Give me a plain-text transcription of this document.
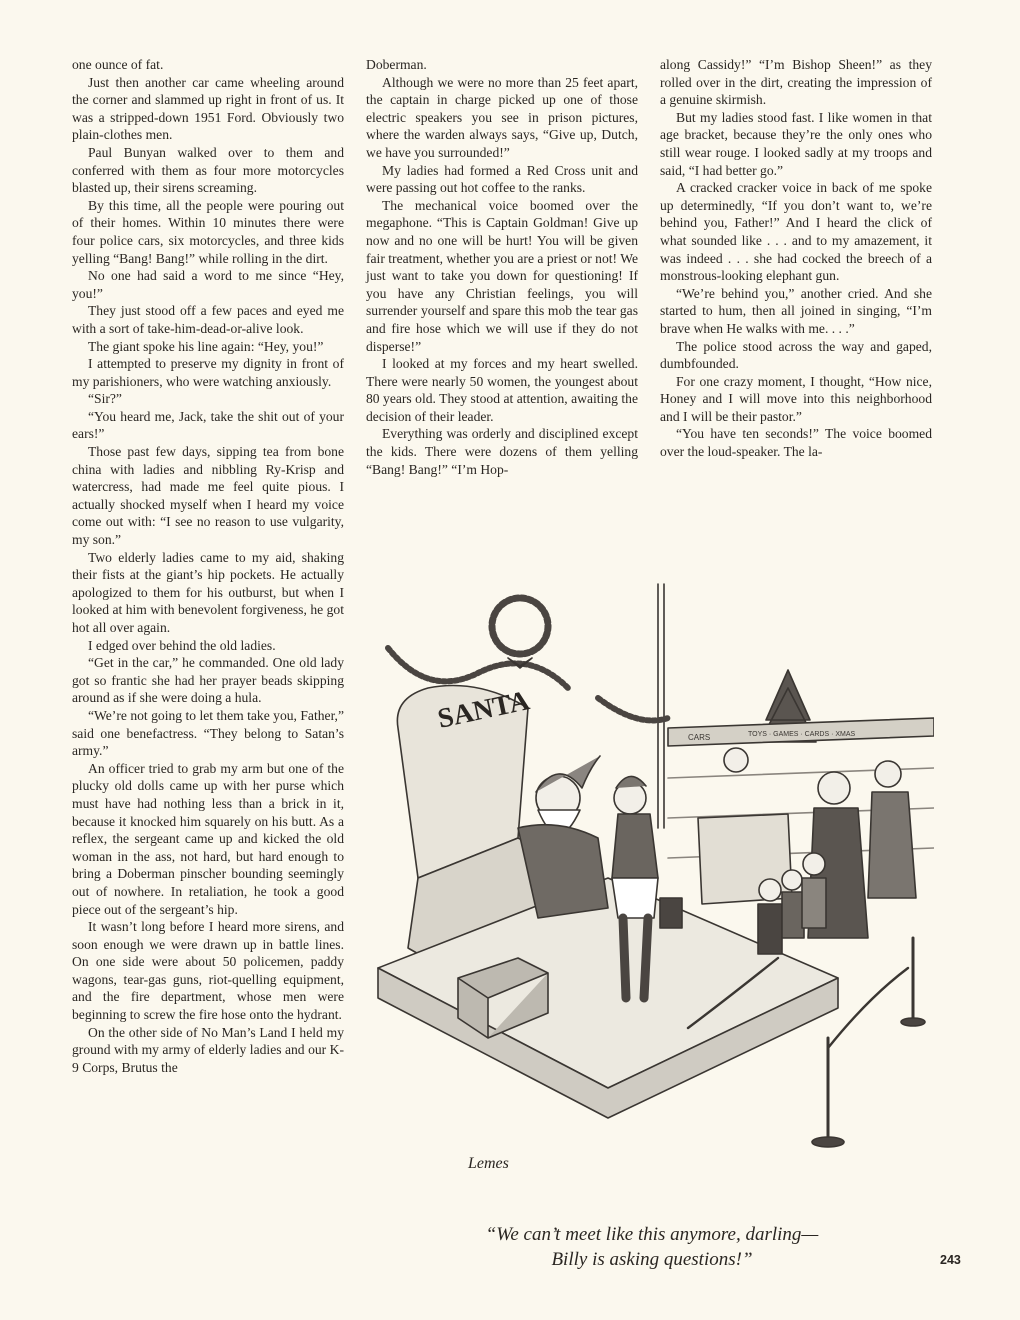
one ounce of fat.

Just then another car came wheeling around the corner and slammed up right in front of us. It was a stripped-down 1951 Ford. Obviously two plain-clothes men.

Paul Bunyan walked over to them and conferred with them as four more motorcycles blasted up, their sirens screaming.

By this time, all the people were pouring out of their homes. Within 10 minutes there were four police cars, six motorcycles, and three kids yelling “Bang! Bang!” while rolling in the dirt.

No one had said a word to me since “Hey, you!”

They just stood off a few paces and eyed me with a sort of take-him-dead-or-alive look.

The giant spoke his line again: “Hey, you!”

I attempted to preserve my dignity in front of my parishioners, who were watching anxiously.

“Sir?”

“You heard me, Jack, take the shit out of your ears!”

Those past few days, sipping tea from bone china with ladies and nibbling Ry-Krisp and watercress, had made me feel quite pious. I actually shocked myself when I heard my voice come out with: “I see no reason to use vulgarity, my son.”

Two elderly ladies came to my aid, shaking their fists at the giant’s hip pockets. He actually apologized to them for his outburst, but when I looked at him with benevolent forgiveness, he got hot all over again.

I edged over behind the old ladies.

“Get in the car,” he commanded. One old lady got so frantic she had her prayer beads skipping around as if she were doing a hula.

“We’re not going to let them take you, Father,” said one benefactress. “They belong to Satan’s army.”

An officer tried to grab my arm but one of the plucky old dolls came up with her purse which must have had nothing less than a brick in it, because it knocked him squarely on his butt. As a reflex, the sergeant came up and kicked the old woman in the ass, not hard, but hard enough to bring a Doberman pinscher bounding seemingly out of nowhere. In retaliation, he took a good piece out of the sergeant’s hip.

It wasn’t long before I heard more sirens, and soon enough we were drawn up in battle lines. On one side were about 50 policemen, paddy wagons, tear-gas guns, riot-quelling equipment, and the fire department, whose men were beginning to screw the fire hose onto the hydrant.

On the other side of No Man’s Land I held my ground with my army of elderly ladies and our K-9 Corps, Brutus the

Doberman.

Although we were no more than 25 feet apart, the captain in charge picked up one of those electric speakers you see in prison pictures, where the warden always says, “Give up, Dutch, we have you surrounded!”

My ladies had formed a Red Cross unit and were passing out hot coffee to the ranks.

The mechanical voice boomed over the megaphone. “This is Captain Goldman! Give up now and no one will be hurt! You will be given fair treatment, whether you are a priest or not! We just want to take you down for questioning! If you have any Christian feelings, you will surrender yourself and spare this mob the tear gas and fire hose which we will use if they do not disperse!”

I looked at my forces and my heart swelled. There were nearly 50 women, the youngest about 80 years old. They stood at attention, awaiting the decision of their leader.

Everything was orderly and disciplined except the kids. There were dozens of them yelling “Bang! Bang!” “I’m Hop-

along Cassidy!” “I’m Bishop Sheen!” as they rolled over in the dirt, creating the impression of a genuine skirmish.

But my ladies stood fast. I like women in that age bracket, because they’re the only ones who still wear rouge. I looked sadly at my troops and said, “I had better go.”

A cracked cracker voice in back of me spoke up determinedly, “If you don’t want to, we’re behind you, Father!” And I heard the click of what sounded like . . . and to my amazement, it was indeed . . . she had cocked the breech of a monstrous-looking elephant gun.

“We’re behind you,” another cried. And she started to hum, then all joined in singing, “I’m brave when He walks with me. . . .”

The police stood across the way and gaped, dumbfounded.

For one crazy moment, I thought, “How nice, Honey and I will move into this neighborhood and I will be their pastor.”

“You have ten seconds!” The voice boomed over the loud-speaker. The la-

SANTA
CARS	TOYS · GAMES · CARDS · XMAS
Lemes
“We can’t meet like this anymore, darling—
Billy is asking questions!”	243
